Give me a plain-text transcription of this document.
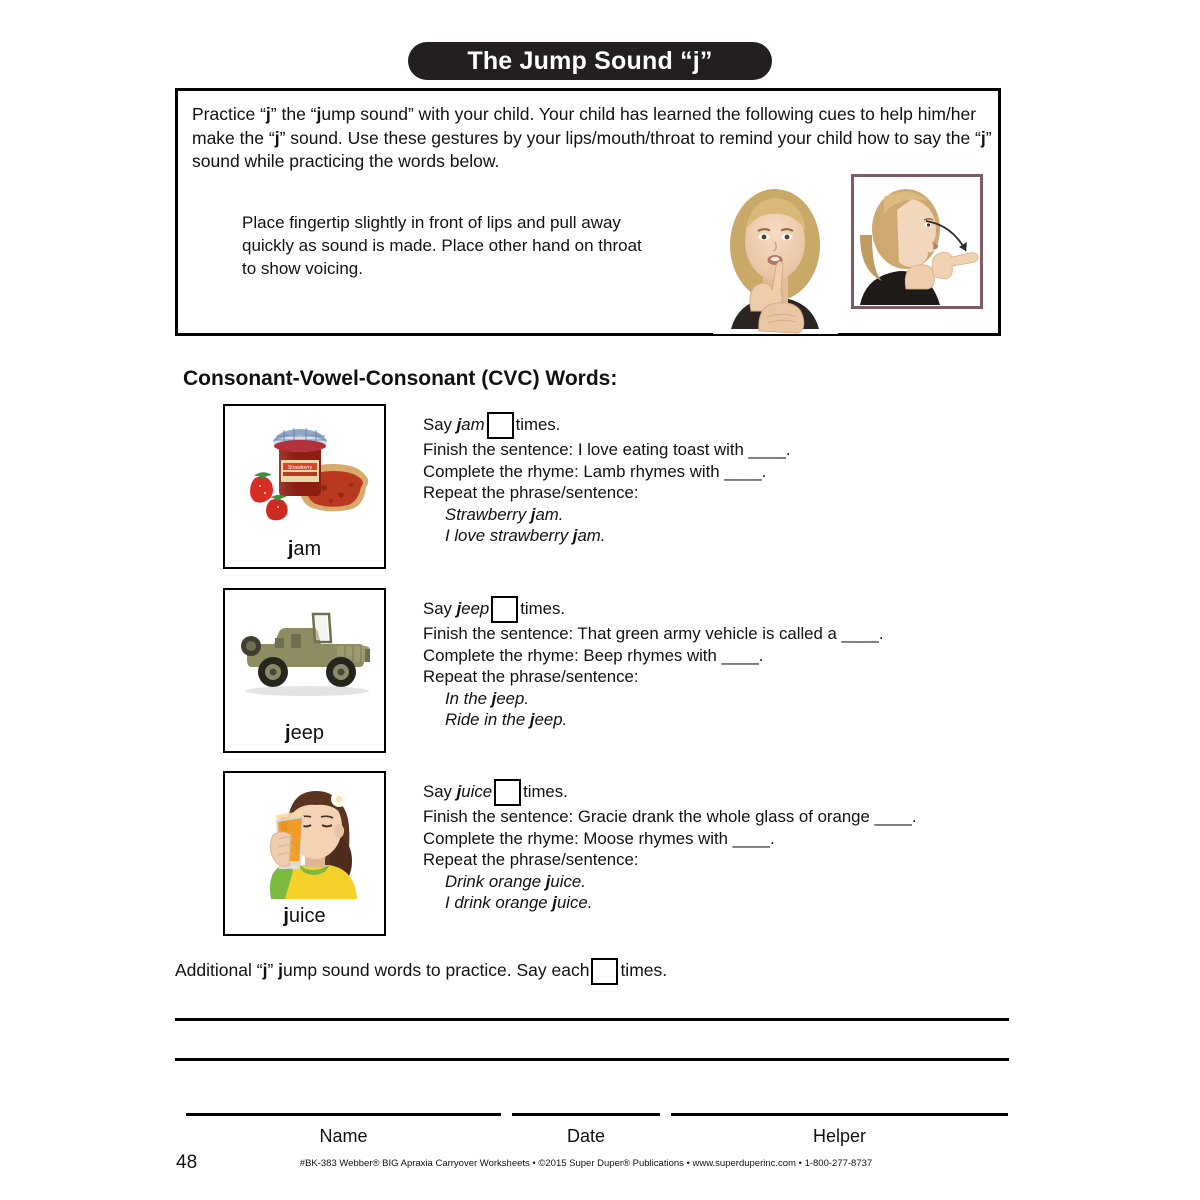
The Jump Sound “j”
Practice “j” the “jump sound” with your child. Your child has learned the following cues to help him/her make the “j” sound. Use these gestures by your lips/mouth/throat to remind your child how to say the “j” sound while practicing the words below.
Place fingertip slightly in front of lips and pull away quickly as sound is made. Place other hand on throat to show voicing.
Consonant-Vowel-Consonant (CVC) Words:
Strawberry
jam
Say jam times.
Finish the sentence: I love eating toast with ____.
Complete the rhyme: Lamb rhymes with ____.
Repeat the phrase/sentence:
Strawberry jam.
I love strawberry jam.
jeep
Say jeep times.
Finish the sentence: That green army vehicle is called a ____.
Complete the rhyme: Beep rhymes with ____.
Repeat the phrase/sentence:
In the jeep.
Ride in the jeep.
juice
Say juice times.
Finish the sentence: Gracie drank the whole glass of orange ____.
Complete the rhyme: Moose rhymes with ____.
Repeat the phrase/sentence:
Drink orange juice.
I drink orange juice.
Additional “j” jump sound words to practice. Say each times.
Name	Date	Helper
48	#BK-383 Webber® BIG Apraxia Carryover Worksheets • ©2015 Super Duper® Publications • www.superduperinc.com • 1-800-277-8737
